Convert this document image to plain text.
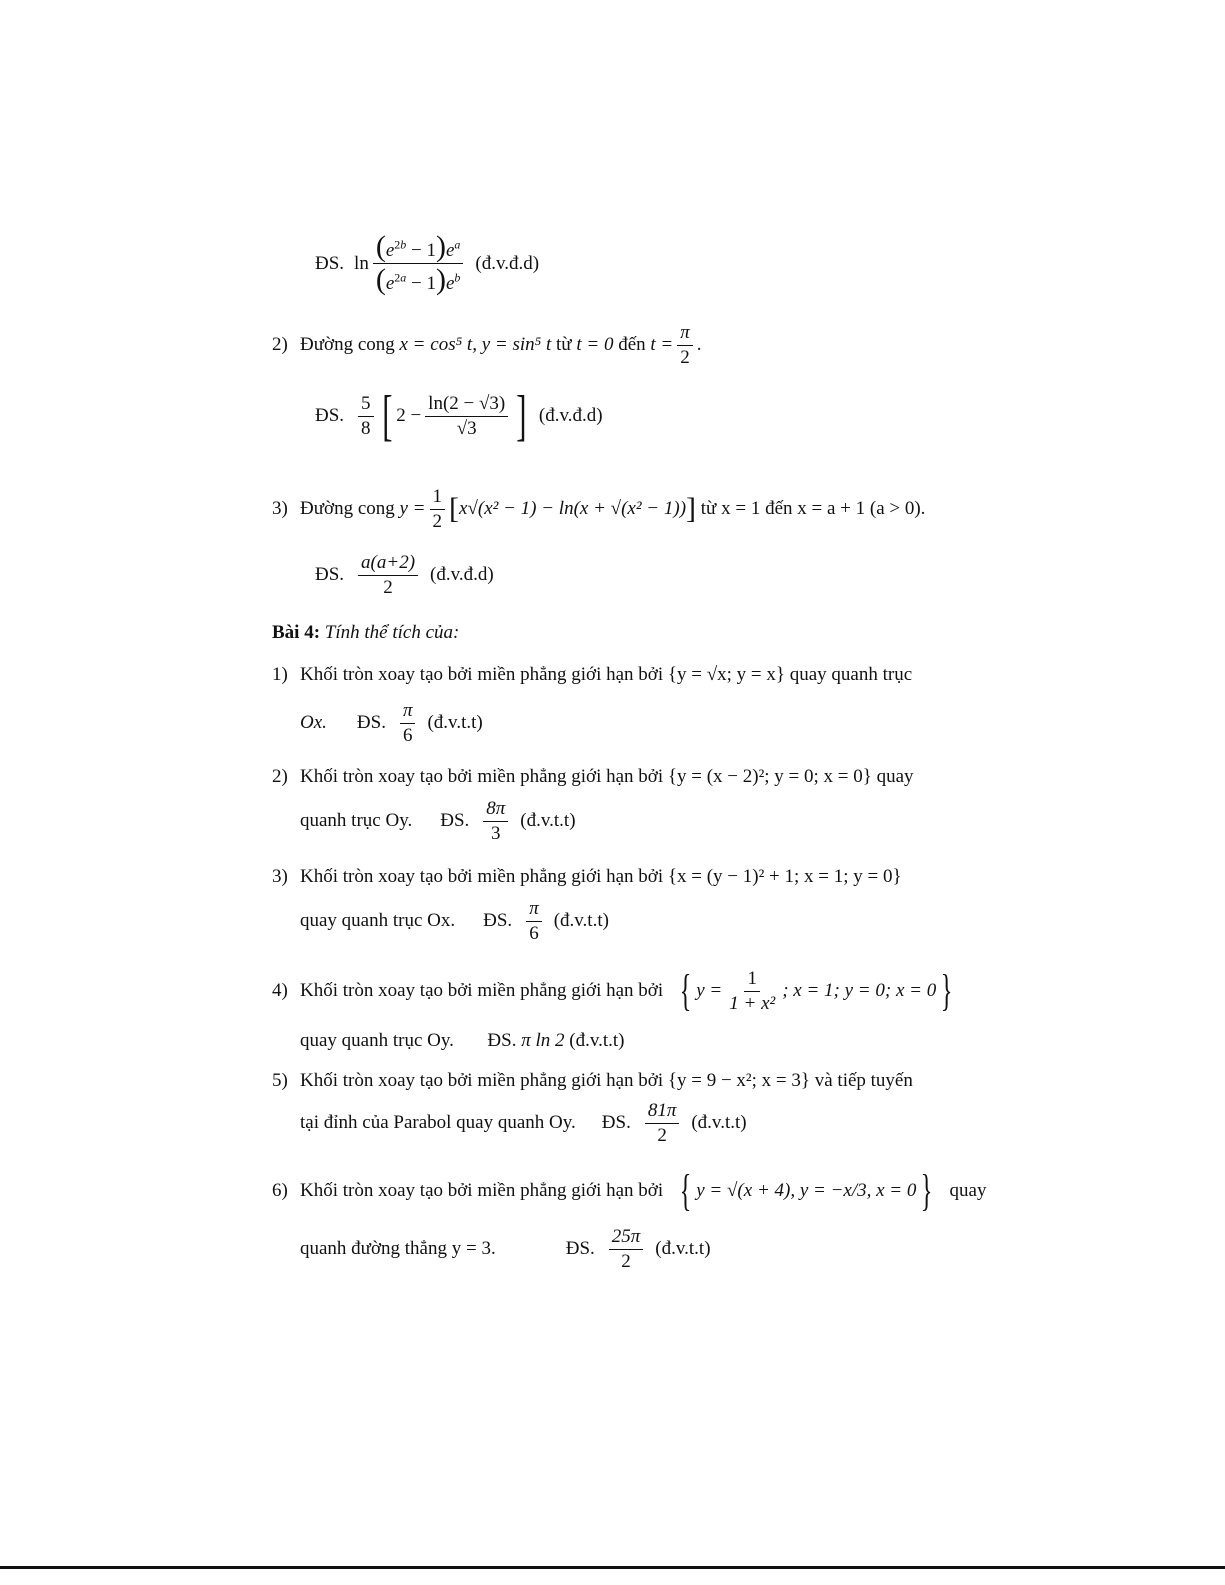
ĐS. $\ln \frac{(e^{2b} - 1)e^a}{(e^{2a} - 1)e^b}$ (đ.v.đ.d)
2) Đường cong
x = cos⁵ t, y = sin⁵ t
từ
t = 0
đến
$t = \frac{\pi}{2}$ .
ĐS. $\frac{5}{8}$ [ $2 - \frac{\ln(2 - √3)}{√3}$ ] (đ.v.đ.d)
3) Đường cong
$y = \frac{1}{2}$ [ x√(x² − 1) − ln(x + √(x² − 1)) ]
từ x = 1 đến x = a + 1 (a > 0).
ĐS. $\frac{a(a+2)}{2}$ (đ.v.đ.d)
Bài 4: Tính thể tích của:
1) Khối tròn xoay tạo bởi miền phẳng giới hạn bởi {y = √x; y = x} quay quanh trục
Ox. ĐS. $\frac{\pi}{6}$ (đ.v.t.t)
2) Khối tròn xoay tạo bởi miền phẳng giới hạn bởi {y = (x − 2)²; y = 0; x = 0} quay
quanh trục Oy. ĐS. $\frac{8\pi}{3}$ (đ.v.t.t)
3) Khối tròn xoay tạo bởi miền phẳng giới hạn bởi {x = (y − 1)² + 1; x = 1; y = 0}
quay quanh trục Ox. ĐS. $\frac{\pi}{6}$ (đ.v.t.t)
4) Khối tròn xoay tạo bởi miền phẳng giới hạn bởi { $y = \frac{1}{\text{1 + x²}}$ ; x = 1; y = 0; x = 0 }
quay quanh trục Oy. ĐS. π ln 2 (đ.v.t.t)
5) Khối tròn xoay tạo bởi miền phẳng giới hạn bởi {y = 9 − x²; x = 3} và tiếp tuyến
tại đỉnh của Parabol quay quanh Oy. ĐS. $\frac{81\pi}{2}$ (đ.v.t.t)
6) Khối tròn xoay tạo bởi miền phẳng giới hạn bởi { y = √(x + 4), y = −x/3, x = 0 } quay
quanh đường thẳng y = 3.	ĐS. $\frac{25\pi}{2}$ (đ.v.t.t)
